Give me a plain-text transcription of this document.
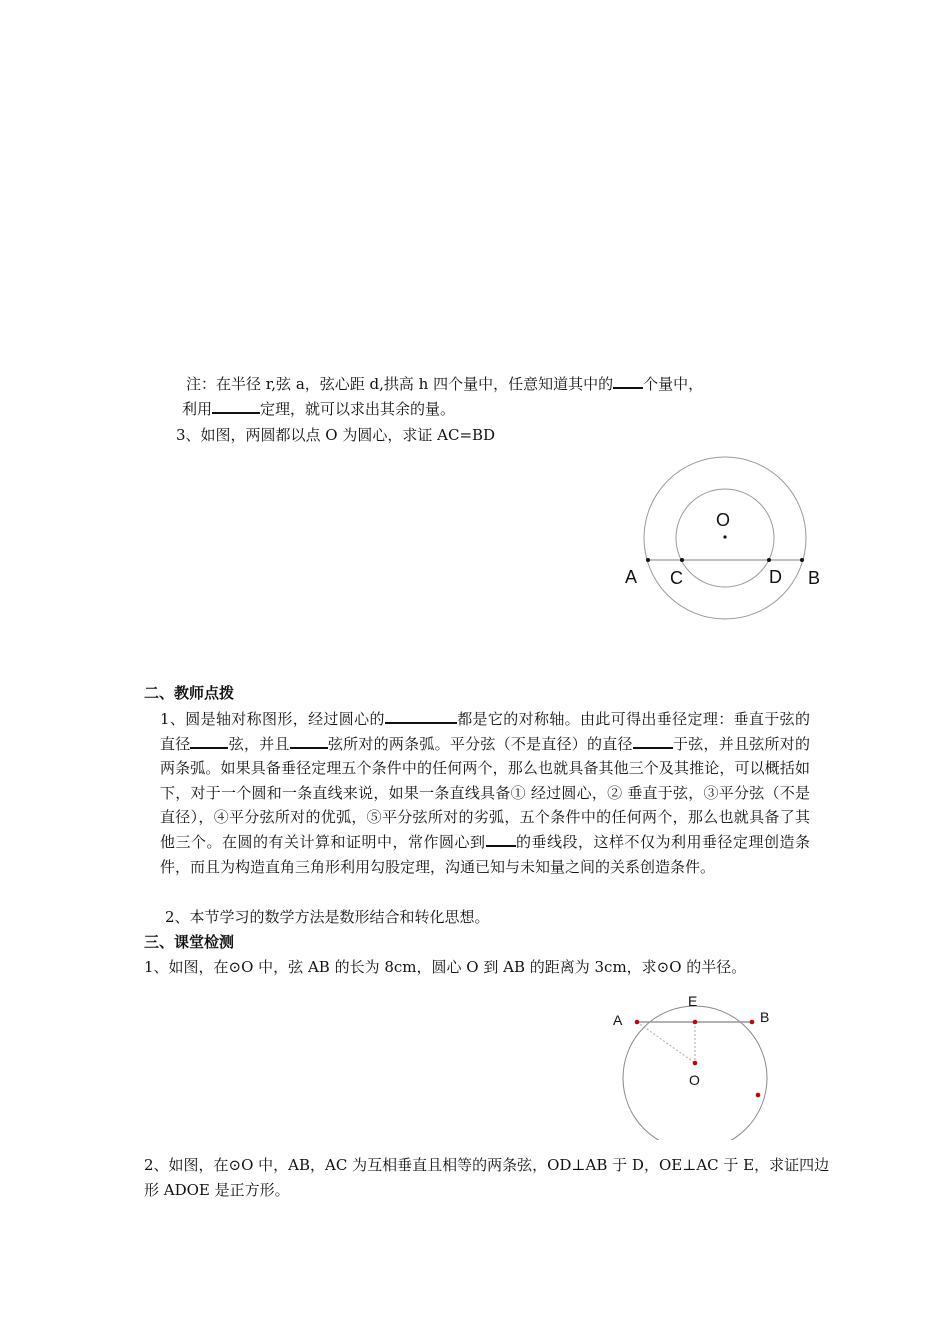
注：在半径 r,弦 a，弦心距 d,拱高 h 四个量中，任意知道其中的 个量中，
利用	定理，就可以求出其余的量。
3、如图，两圆都以点 O 为圆心，求证 AC=BD
O
A C	D B
二、教师点拨
1、圆是轴对称图形，经过圆心的	都是它的对称轴。由此可得出垂径定理：垂直于弦的直径	弦，并且	弦所对的两条弧。平分弦（不是直径）的直径	于弦，并且弦所对的两条弧。如果具备垂径定理五个条件中的任何两个，那么也就具备其他三个及其推论，可以概括如下，对于一个圆和一条直线来说，如果一条直线具备① 经过圆心，② 垂直于弦，③平分弦（不是直径），④平分弦所对的优弧，⑤平分弦所对的劣弧，五个条件中的任何两个，那么也就具备了其他三个。在圆的有关计算和证明中，常作圆心到 的垂线段，这样不仅为利用垂径定理创造条件，而且为构造直角三角形利用勾股定理，沟通已知与未知量之间的关系创造条件。
2、本节学习的数学方法是数形结合和转化思想。
三、课堂检测
1、如图，在⊙O 中，弦 AB 的长为 8cm，圆心 O 到 AB 的距离为 3cm，求⊙O 的半径。
A
E
B
O
2、如图，在⊙O 中，AB，AC 为互相垂直且相等的两条弦，OD⊥AB 于 D，OE⊥AC 于 E，求证四边
形 ADOE 是正方形。
